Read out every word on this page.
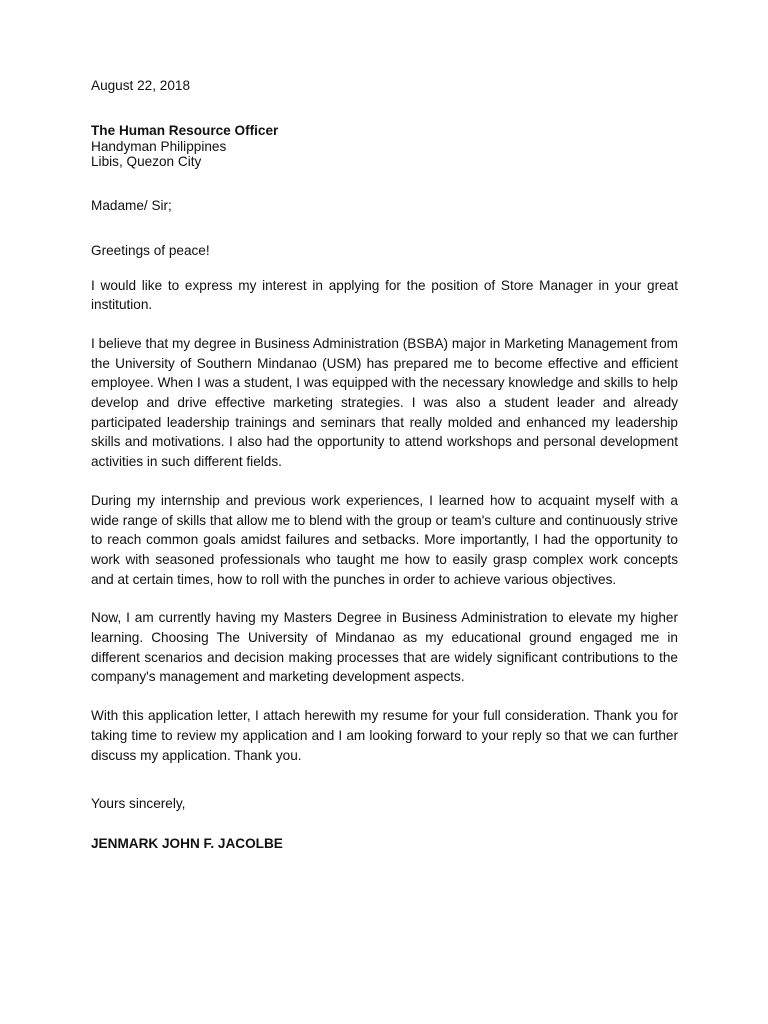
August 22, 2018
The Human Resource Officer
Handyman Philippines
Libis, Quezon City
Madame/ Sir;
Greetings of peace!

I would like to express my interest in applying for the position of Store Manager in your great institution.

I believe that my degree in Business Administration (BSBA) major in Marketing Management from the University of Southern Mindanao (USM) has prepared me to become effective and efficient employee. When I was a student, I was equipped with the necessary knowledge and skills to help develop and drive effective marketing strategies. I was also a student leader and already participated leadership trainings and seminars that really molded and enhanced my leadership skills and motivations. I also had the opportunity to attend workshops and personal development activities in such different fields.

During my internship and previous work experiences, I learned how to acquaint myself with a wide range of skills that allow me to blend with the group or team's culture and continuously strive to reach common goals amidst failures and setbacks. More importantly, I had the opportunity to work with seasoned professionals who taught me how to easily grasp complex work concepts and at certain times, how to roll with the punches in order to achieve various objectives.

Now, I am currently having my Masters Degree in Business Administration to elevate my higher learning. Choosing The University of Mindanao as my educational ground engaged me in different scenarios and decision making processes that are widely significant contributions to the company's management and marketing development aspects.

With this application letter, I attach herewith my resume for your full consideration. Thank you for taking time to review my application and I am looking forward to your reply so that we can further discuss my application. Thank you.

Yours sincerely,
JENMARK JOHN F. JACOLBE
